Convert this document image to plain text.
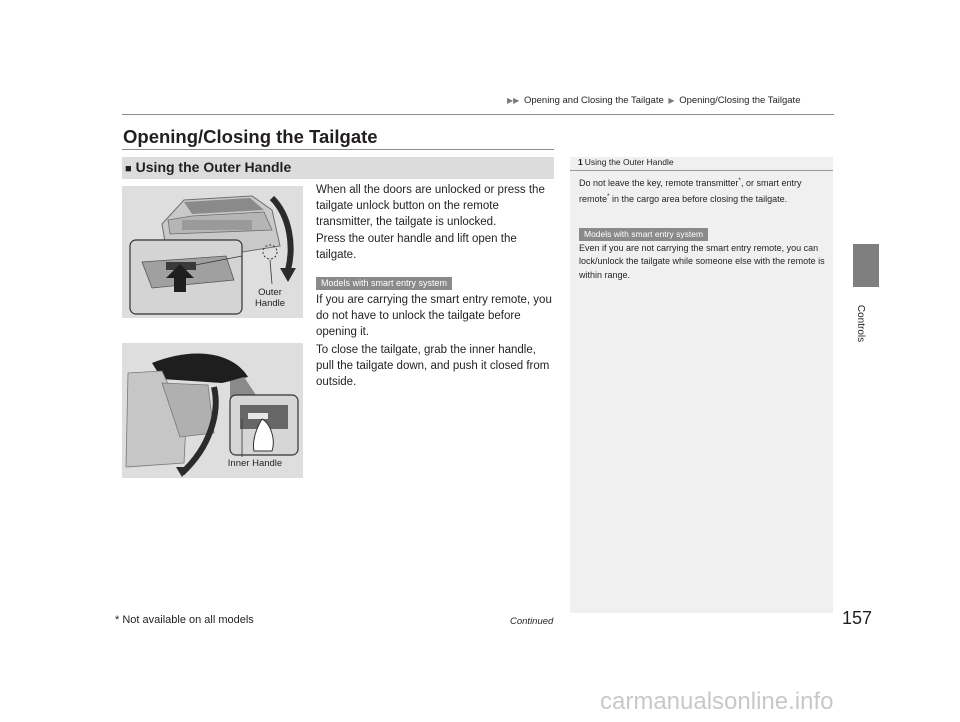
▶▶ Opening and Closing the Tailgate ▶ Opening/Closing the Tailgate
Opening/Closing the Tailgate
■ Using the Outer Handle
Outer
Handle
Inner Handle
When all the doors are unlocked or press the tailgate unlock button on the remote transmitter, the tailgate is unlocked.
Press the outer handle and lift open the tailgate.
Models with smart entry system
If you are carrying the smart entry remote, you do not have to unlock the tailgate before opening it.
To close the tailgate, grab the inner handle, pull the tailgate down, and push it closed from outside.
1 Using the Outer Handle
Do not leave the key, remote transmitter*, or smart entry remote* in the cargo area before closing the tailgate.
Models with smart entry system
Even if you are not carrying the smart entry remote, you can lock/unlock the tailgate while someone else with the remote is within range.
Controls
* Not available on all models	Continued	157
carmanualsonline.info
